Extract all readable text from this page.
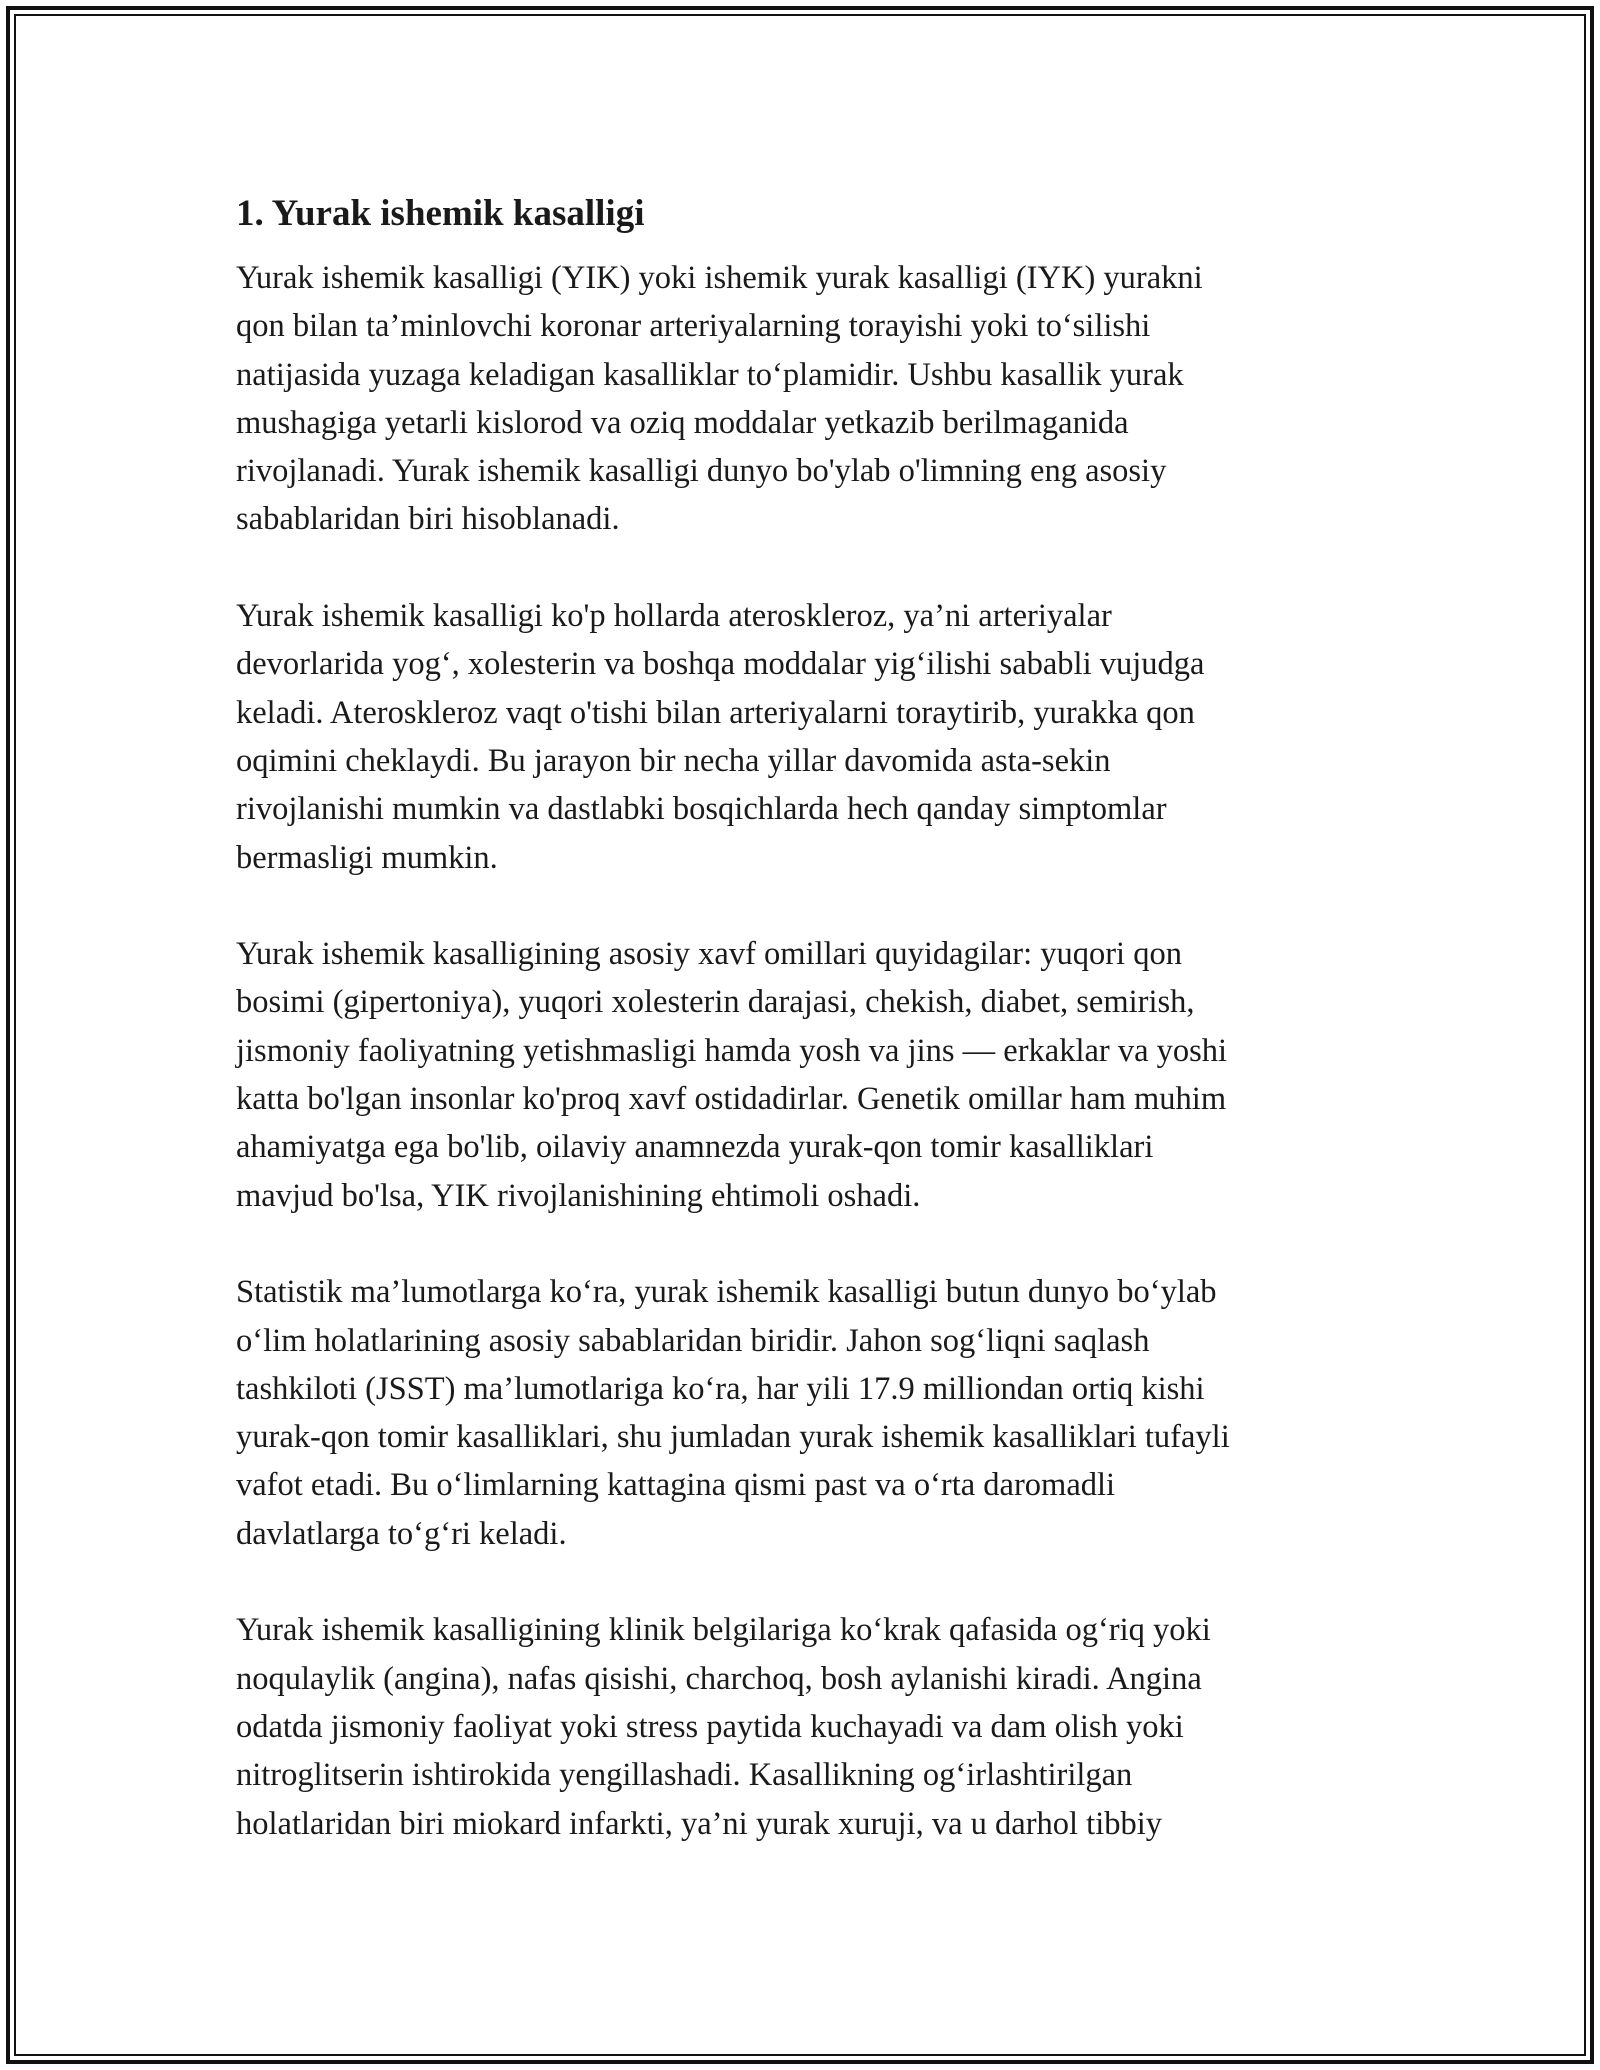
1. Yurak ishemik kasalligi
Yurak ishemik kasalligi (YIK) yoki ishemik yurak kasalligi (IYK) yurakni
qon bilan ta’minlovchi koronar arteriyalarning torayishi yoki to‘silishi
natijasida yuzaga keladigan kasalliklar to‘plamidir. Ushbu kasallik yurak
mushagiga yetarli kislorod va oziq moddalar yetkazib berilmaganida
rivojlanadi. Yurak ishemik kasalligi dunyo bo'ylab o'limning eng asosiy
sabablaridan biri hisoblanadi.
Yurak ishemik kasalligi ko'p hollarda ateroskleroz, ya’ni arteriyalar
devorlarida yog‘, xolesterin va boshqa moddalar yig‘ilishi sababli vujudga
keladi. Ateroskleroz vaqt o'tishi bilan arteriyalarni toraytirib, yurakka qon
oqimini cheklaydi. Bu jarayon bir necha yillar davomida asta-sekin
rivojlanishi mumkin va dastlabki bosqichlarda hech qanday simptomlar
bermasligi mumkin.
Yurak ishemik kasalligining asosiy xavf omillari quyidagilar: yuqori qon
bosimi (gipertoniya), yuqori xolesterin darajasi, chekish, diabet, semirish,
jismoniy faoliyatning yetishmasligi hamda yosh va jins — erkaklar va yoshi
katta bo'lgan insonlar ko'proq xavf ostidadirlar. Genetik omillar ham muhim
ahamiyatga ega bo'lib, oilaviy anamnezda yurak-qon tomir kasalliklari
mavjud bo'lsa, YIK rivojlanishining ehtimoli oshadi.
Statistik ma’lumotlarga ko‘ra, yurak ishemik kasalligi butun dunyo bo‘ylab
o‘lim holatlarining asosiy sabablaridan biridir. Jahon sog‘liqni saqlash
tashkiloti (JSST) ma’lumotlariga ko‘ra, har yili 17.9 milliondan ortiq kishi
yurak-qon tomir kasalliklari, shu jumladan yurak ishemik kasalliklari tufayli
vafot etadi. Bu o‘limlarning kattagina qismi past va o‘rta daromadli
davlatlarga to‘g‘ri keladi.
Yurak ishemik kasalligining klinik belgilariga ko‘krak qafasida og‘riq yoki
noqulaylik (angina), nafas qisishi, charchoq, bosh aylanishi kiradi. Angina
odatda jismoniy faoliyat yoki stress paytida kuchayadi va dam olish yoki
nitroglitserin ishtirokida yengillashadi. Kasallikning og‘irlashtirilgan
holatlaridan biri miokard infarkti, ya’ni yurak xuruji, va u darhol tibbiy
